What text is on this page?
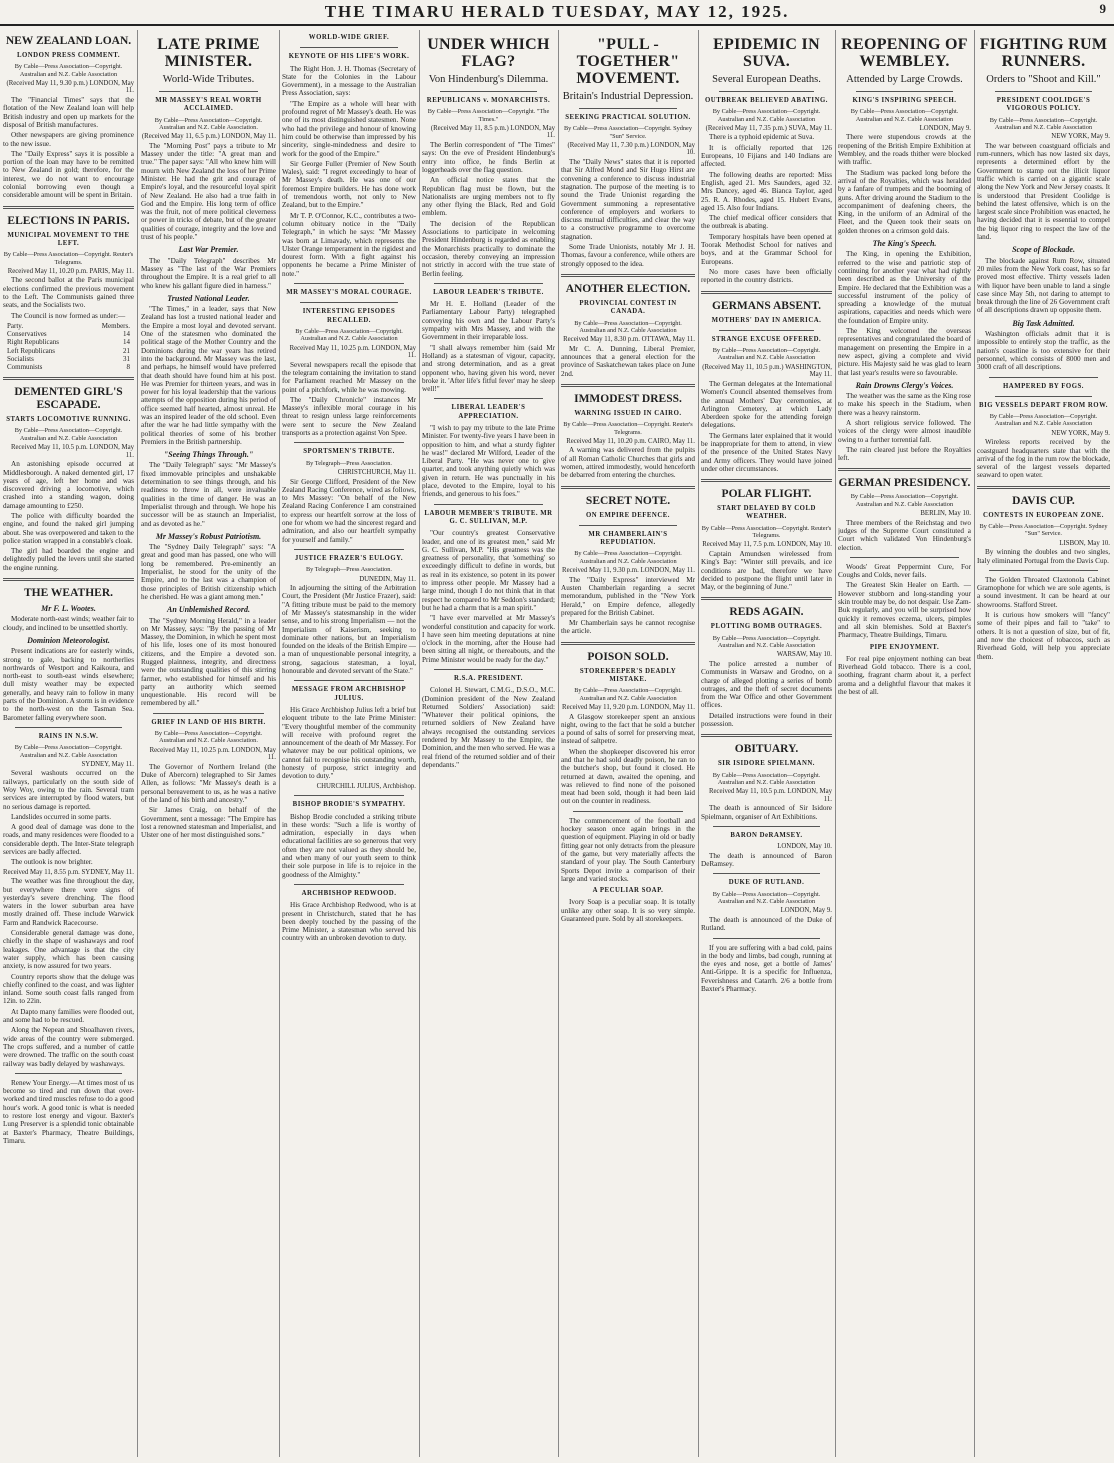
THE TIMARU HERALD TUESDAY, MAY 12, 1925.	9
NEW ZEALAND LOAN.
LONDON PRESS COMMENT.
By Cable—Press Association—Copyright. Australian and N.Z. Cable Association
(Received May 11, 9.30 p.m.) LONDON, May 11.
The "Financial Times" says that the flotation of the New Zealand loan will help British industry and open up markets for the disposal of British manufactures.
Other newspapers are giving prominence to the new issue.
The "Daily Express" says it is possible a portion of the loan may have to be remitted to New Zealand in gold; therefore, for the interest, we do not want to encourage colonial borrowing even though a considerable amount will be spent in Britain.
ELECTIONS IN PARIS.
MUNICIPAL MOVEMENT TO THE LEFT.
By Cable—Press Association—Copyright. Reuter's Telegrams.
Received May 11, 10.20 p.m. PARIS, May 11.
The second ballot at the Paris municipal elections confirmed the previous movement to the Left. The Communists gained three seats, and the Socialists two.
The Council is now formed as under:—
Party.	Members.
Conservatives	14
Right Republicans	14
Left Republicans	21
Socialists	31
Communists	8
DEMENTED GIRL'S ESCAPADE.
STARTS LOCOMOTIVE RUNNING.
By Cable—Press Association—Copyright. Australian and N.Z. Cable Association
Received May 11, 10.5 p.m. LONDON, May 11.
An astonishing episode occurred at Middlesborough. A naked demented girl, 17 years of age, left her home and was discovered driving a locomotive, which crashed into a standing wagon, doing damage amounting to £250.
The police with difficulty boarded the engine, and found the naked girl jumping about. She was overpowered and taken to the police station wrapped in a constable's cloak.
The girl had boarded the engine and delightedly pulled the levers until she started the engine running.
THE WEATHER.
Mr F. L. Wootes.
Moderate north-east winds; weather fair to cloudy, and inclined to be unsettled shortly.
Dominion Meteorologist.
Present indications are for easterly winds, strong to gale, backing to northerlies northwards of Westport and Kaikoura, and north-east to south-east winds elsewhere; dull misty weather may be expected generally, and heavy rain to follow in many parts of the Dominion. A storm is in evidence to the north-west on the Tasman Sea. Barometer falling everywhere soon.
RAINS IN N.S.W.
By Cable—Press Association—Copyright. Australian and N.Z. Cable Association
SYDNEY, May 11.
Several washouts occurred on the railways, particularly on the south side of Woy Woy, owing to the rain. Several tram services are interrupted by flood waters, but no serious damage is reported.
Landslides occurred in some parts.
A good deal of damage was done to the roads, and many residences were flooded to a considerable depth. The Inter-State telegraph services are badly affected.
The outlook is now brighter.
Received May 11, 8.55 p.m. SYDNEY, May 11.
The weather was fine throughout the day, but everywhere there were signs of yesterday's severe drenching. The flood waters in the lower suburban area have mostly drained off. These include Warwick Farm and Randwick Racecourse.
Considerable general damage was done, chiefly in the shape of washaways and roof leakages. One advantage is that the city water supply, which has been causing anxiety, is now assured for two years.
Country reports show that the deluge was chiefly confined to the coast, and was lighter inland. Some south coast falls ranged from 12in. to 22in.
At Dapto many families were flooded out, and some had to be rescued.
Along the Nepean and Shoalhaven rivers, wide areas of the country were submerged. The crops suffered, and a number of cattle were drowned. The traffic on the south coast railway was badly delayed by washaways.
Renew Your Energy.—At times most of us become so tired and run down that over-worked and tired muscles refuse to do a good hour's work. A good tonic is what is needed to restore lost energy and vigour. Baxter's Lung Preserver is a splendid tonic obtainable at Baxter's Pharmacy, Theatre Buildings, Timaru.
LATE PRIME MINISTER.
World-Wide Tributes.
MR MASSEY'S REAL WORTH ACCLAIMED.
By Cable—Press Association—Copyright. Australian and N.Z. Cable Association.
(Received May 11, 6.5 p.m.) LONDON, May 11.
The "Morning Post" pays a tribute to Mr Massey under the title: "A great man and true." The paper says: "All who knew him will mourn with New Zealand the loss of her Prime Minister. He had the grit and courage of Empire's loyal, and the resourceful loyal spirit of New Zealand. He also had a true faith in God and the Empire. His long term of office was the fruit, not of mere political cleverness or power in tricks of debate, but of the greater qualities of courage, integrity and the love and trust of his people."
Last War Premier.
The "Daily Telegraph" describes Mr Massey as "The last of the War Premiers throughout the Empire. It is a real grief to all who knew his gallant figure died in harness."
Trusted National Leader.
"The Times," in a leader, says that New Zealand has lost a trusted national leader and the Empire a most loyal and devoted servant. One of the statesmen who dominated the political stage of the Mother Country and the Dominions during the war years has retired into the background. Mr Massey was the last, and perhaps, he himself would have preferred that death should have found him at his post. He was Premier for thirteen years, and was in power for his loyal leadership that the various attempts of the opposition during his period of office seemed half hearted, almost unreal. He was an inspired leader of the old school. Even after the war he had little sympathy with the political theories of some of his brother Premiers in the British partnership.
"Seeing Things Through."
The "Daily Telegraph" says: "Mr Massey's fixed immovable principles and unshakable determination to see things through, and his readiness to throw in all, were invaluable qualities in the time of danger. He was an Imperialist through and through. We hope his successor will be as staunch an Imperialist, and as devoted as he."
Mr Massey's Robust Patriotism.
The "Sydney Daily Telegraph" says: "A great and good man has passed, one who will long be remembered. Pre-eminently an Imperialist, he stood for the unity of the Empire, and to the last was a champion of those principles of British citizenship which he cherished. He was a giant among men."
An Unblemished Record.
The "Sydney Morning Herald," in a leader on Mr Massey, says: "By the passing of Mr Massey, the Dominion, in which he spent most of his life, loses one of its most honoured citizens, and the Empire a devoted son. Rugged plainness, integrity, and directness were the outstanding qualities of this stirring farmer, who established for himself and his party an authority which seemed unquestionable. His record will be remembered by all."
GRIEF IN LAND OF HIS BIRTH.
By Cable—Press Association—Copyright. Australian and N.Z. Cable Association.
Received May 11, 10.25 p.m. LONDON, May 11.
The Governor of Northern Ireland (the Duke of Abercorn) telegraphed to Sir James Allen, as follows: "Mr Massey's death is a personal bereavement to us, as he was a native of the land of his birth and ancestry."
Sir James Craig, on behalf of the Government, sent a message: "The Empire has lost a renowned statesman and Imperialist, and Ulster one of her most distinguished sons."
WORLD-WIDE GRIEF.
KEYNOTE OF HIS LIFE'S WORK.
The Right Hon. J. H. Thomas (Secretary of State for the Colonies in the Labour Government), in a message to the Australian Press Association, says:
"The Empire as a whole will hear with profound regret of Mr Massey's death. He was one of its most distinguished statesmen. None who had the privilege and honour of knowing him could be otherwise than impressed by his sincerity, single-mindedness and desire to work for the good of the Empire."
Sir George Fuller (Premier of New South Wales), said: "I regret exceedingly to hear of Mr Massey's death. He was one of our foremost Empire builders. He has done work of tremendous worth, not only to New Zealand, but to the Empire."
Mr T. P. O'Connor, K.C., contributes a two-column obituary notice in the "Daily Telegraph," in which he says: "Mr Massey was born at Limavady, which represents the Ulster Orange temperament in the rigidest and dourest form. With a fight against his opponents he became a Prime Minister of note."
MR MASSEY'S MORAL COURAGE.
INTERESTING EPISODES RECALLED.
By Cable—Press Association—Copyright. Australian and N.Z. Cable Association
Received May 11, 10.25 p.m. LONDON, May 11.
Several newspapers recall the episode that the telegram containing the invitation to stand for Parliament reached Mr Massey on the point of a pitchfork, while he was mowing.
The "Daily Chronicle" instances Mr Massey's inflexible moral courage in his threat to resign unless large reinforcements were sent to secure the New Zealand transports as a protection against Von Spee.
SPORTSMEN'S TRIBUTE.
By Telegraph—Press Association.
CHRISTCHURCH, May 11.
Sir George Clifford, President of the New Zealand Racing Conference, wired as follows, to Mrs Massey: "On behalf of the New Zealand Racing Conference I am constrained to express our heartfelt sorrow at the loss of one for whom we had the sincerest regard and admiration, and also our heartfelt sympathy for yourself and family."
JUSTICE FRAZER'S EULOGY.
By Telegraph—Press Association.
DUNEDIN, May 11.
In adjourning the sitting of the Arbitration Court, the President (Mr Justice Frazer), said: "A fitting tribute must be paid to the memory of Mr Massey's statesmanship in the wider sense, and to his strong Imperialism — not the Imperialism of Kaiserism, seeking to dominate other nations, but an Imperialism founded on the ideals of the British Empire — a man of unquestionable personal integrity, a strong, sagacious statesman, a loyal, honourable and devoted servant of the State."
MESSAGE FROM ARCHBISHOP JULIUS.
His Grace Archbishop Julius left a brief but eloquent tribute to the late Prime Minister: "Every thoughtful member of the community will receive with profound regret the announcement of the death of Mr Massey. For whatever may be our political opinions, we cannot fail to recognise his outstanding worth, honesty of purpose, strict integrity and devotion to duty."
CHURCHILL JULIUS, Archbishop.
BISHOP BRODIE'S SYMPATHY.
Bishop Brodie concluded a striking tribute in these words: "Such a life is worthy of admiration, especially in days when educational facilities are so generous that very often they are not valued as they should be, and when many of our youth seem to think their sole purpose in life is to rejoice in the goodness of the Almighty."
ARCHBISHOP REDWOOD.
His Grace Archbishop Redwood, who is at present in Christchurch, stated that he has been deeply touched by the passing of the Prime Minister, a statesman who served his country with an unbroken devotion to duty.
UNDER WHICH FLAG?
Von Hindenburg's Dilemma.
REPUBLICANS v. MONARCHISTS.
By Cable—Press Association—Copyright. "The Times."
(Received May 11, 8.5 p.m.) LONDON, May 11.
The Berlin correspondent of "The Times" says: On the eve of President Hindenburg's entry into office, he finds Berlin at loggerheads over the flag question.
An official notice states that the Republican flag must be flown, but the Nationalists are urging members not to fly any other flying the Black, Red and Gold emblem.
The decision of the Republican Associations to participate in welcoming President Hindenburg is regarded as enabling the Monarchists practically to dominate the occasion, thereby conveying an impression not strictly in accord with the true state of Berlin feeling.
LABOUR LEADER'S TRIBUTE.
Mr H. E. Holland (Leader of the Parliamentary Labour Party) telegraphed conveying his own and the Labour Party's sympathy with Mrs Massey, and with the Government in their irreparable loss.
"I shall always remember him (said Mr Holland) as a statesman of vigour, capacity, and strong determination, and as a great opponent who, having given his word, never broke it. 'After life's fitful fever' may he sleep well!"
LIBERAL LEADER'S APPRECIATION.
"I wish to pay my tribute to the late Prime Minister. For twenty-five years I have been in opposition to him, and what a sturdy fighter he was!" declared Mr Wilford, Leader of the Liberal Party. "He was never one to give quarter, and took anything quietly which was given in return. He was punctually in his place, devoted to the Empire, loyal to his friends, and generous to his foes."
LABOUR MEMBER'S TRIBUTE. MR G. C. SULLIVAN, M.P.
"Our country's greatest Conservative leader, and one of its greatest men," said Mr G. C. Sullivan, M.P. "His greatness was the greatness of personality, that 'something' so exceedingly difficult to define in words, but as real in its existence, so potent in its power to impress other people. Mr Massey had a large mind, though I do not think that in that respect he compared to Mr Seddon's standard; but he had a charm that is a man spirit."
"I have ever marvelled at Mr Massey's wonderful constitution and capacity for work. I have seen him meeting deputations at nine o'clock in the morning, after the House had been sitting all night, or thereabouts, and the Prime Minister would be ready for the day."
R.S.A. PRESIDENT.
Colonel H. Stewart, C.M.G., D.S.O., M.C. (Dominion president of the New Zealand Returned Soldiers' Association) said: "Whatever their political opinions, the returned soldiers of New Zealand have always recognised the outstanding services rendered by Mr Massey to the Empire, the Dominion, and the men who served. He was a real friend of the returned soldier and of their dependants."
"PULL - TOGETHER" MOVEMENT.
Britain's Industrial Depression.
SEEKING PRACTICAL SOLUTION.
By Cable—Press Association—Copyright. Sydney "Sun" Service.
(Received May 11, 7.30 p.m.) LONDON, May 10.
The "Daily News" states that it is reported that Sir Alfred Mond and Sir Hugo Hirst are convening a conference to discuss industrial stagnation. The purpose of the meeting is to sound the Trade Unionist regarding the Government summoning a representative conference of employers and workers to discuss mutual difficulties, and clear the way to a constructive programme to overcome stagnation.
Some Trade Unionists, notably Mr J. H. Thomas, favour a conference, while others are strongly opposed to the idea.
ANOTHER ELECTION.
PROVINCIAL CONTEST IN CANADA.
By Cable—Press Association—Copyright. Australian and N.Z. Cable Association
Received May 11, 8.30 p.m. OTTAWA, May 11.
Mr C. A. Dunning, Liberal Premier, announces that a general election for the province of Saskatchewan takes place on June 2nd.
IMMODEST DRESS.
WARNING ISSUED IN CAIRO.
By Cable—Press Association—Copyright. Reuter's Telegrams.
Received May 11, 10.20 p.m. CAIRO, May 11.
A warning was delivered from the pulpits of all Roman Catholic Churches that girls and women, attired immodestly, would henceforth be debarred from entering the churches.
SECRET NOTE.
ON EMPIRE DEFENCE.
MR CHAMBERLAIN'S REPUDIATION.
By Cable—Press Association—Copyright. Australian and N.Z. Cable Association
Received May 11, 9.30 p.m. LONDON, May 11.
The "Daily Express" interviewed Mr Austen Chamberlain regarding a secret memorandum, published in the "New York Herald," on Empire defence, allegedly prepared for the British Cabinet.
Mr Chamberlain says he cannot recognise the article.
POISON SOLD.
STOREKEEPER'S DEADLY MISTAKE.
By Cable—Press Association—Copyright. Australian and N.Z. Cable Association
Received May 11, 9.20 p.m. LONDON, May 11.
A Glasgow storekeeper spent an anxious night, owing to the fact that he sold a butcher a pound of salts of sorrel for preserving meat, instead of saltpetre.
When the shopkeeper discovered his error and that he had sold deadly poison, he ran to the butcher's shop, but found it closed. He returned at dawn, awaited the opening, and was relieved to find none of the poisoned meat had been sold, though it had been laid out on the counter in readiness.
The commencement of the football and hockey season once again brings in the question of equipment. Playing in old or badly fitting gear not only detracts from the pleasure of the game, but very materially affects the standard of your play. The South Canterbury Sports Depot invite a comparison of their large and varied stocks.
A PECULIAR SOAP.
Ivory Soap is a peculiar soap. It is totally unlike any other soap. It is so very simple. Guaranteed pure. Sold by all storekeepers.
EPIDEMIC IN SUVA.
Several European Deaths.
OUTBREAK BELIEVED ABATING.
By Cable—Press Association—Copyright. Australian and N.Z. Cable Association
(Received May 11, 7.35 p.m.) SUVA, May 11.
There is a typhoid epidemic at Suva.
It is officially reported that 126 Europeans, 10 Fijians and 140 Indians are affected.
The following deaths are reported: Miss English, aged 21. Mrs Saunders, aged 32. Mrs Dancey, aged 46. Bianca Taylor, aged 25. R. A. Rhodes, aged 15. Hubert Evans, aged 15. Also four Indians.
The chief medical officer considers that the outbreak is abating.
Temporary hospitals have been opened at Toorak Methodist School for natives and boys, and at the Grammar School for Europeans.
No more cases have been officially reported in the country districts.
GERMANS ABSENT.
MOTHERS' DAY IN AMERICA.
STRANGE EXCUSE OFFERED.
By Cable—Press Association—Copyright. Australian and N.Z. Cable Association
(Received May 11, 10.5 p.m.) WASHINGTON, May 11.
The German delegates at the International Women's Council absented themselves from the annual Mothers' Day ceremonies, at Arlington Cemetery, at which Lady Aberdeen spoke for the attending foreign delegations.
The Germans later explained that it would be inappropriate for them to attend, in view of the presence of the United States Navy and Army officers. They would have joined under other circumstances.
POLAR FLIGHT.
START DELAYED BY COLD WEATHER.
By Cable—Press Association—Copyright. Reuter's Telegrams.
Received May 11, 7.5 p.m. LONDON, May 10.
Captain Amundsen wirelessed from King's Bay: "Winter still prevails, and ice conditions are bad, therefore we have decided to postpone the flight until later in May, or the beginning of June."
REDS AGAIN.
PLOTTING BOMB OUTRAGES.
By Cable—Press Association—Copyright. Australian and N.Z. Cable Association
WARSAW, May 10.
The police arrested a number of Communists in Warsaw and Grodno, on a charge of alleged plotting a series of bomb outrages, and the theft of secret documents from the War Office and other Government offices.
Detailed instructions were found in their possession.
OBITUARY.
SIR ISIDORE SPIELMANN.
By Cable—Press Association—Copyright. Australian and N.Z. Cable Association
Received May 11, 10.5 p.m. LONDON, May 11.
The death is announced of Sir Isidore Spielmann, organiser of Art Exhibitions.
BARON DeRAMSEY.
LONDON, May 10.
The death is announced of Baron DeRamsey.
DUKE OF RUTLAND.
By Cable—Press Association—Copyright. Australian and N.Z. Cable Association
LONDON, May 9.
The death is announced of the Duke of Rutland.
If you are suffering with a bad cold, pains in the body and limbs, bad cough, running at the eyes and nose, get a bottle of James' Anti-Grippe. It is a specific for Influenza, Feverishness and Catarrh. 2/6 a bottle from Baxter's Pharmacy.
REOPENING OF WEMBLEY.
Attended by Large Crowds.
KING'S INSPIRING SPEECH.
By Cable—Press Association—Copyright. Australian and N.Z. Cable Association
LONDON, May 9.
There were stupendous crowds at the reopening of the British Empire Exhibition at Wembley, and the roads thither were blocked with traffic.
The Stadium was packed long before the arrival of the Royalties, which was heralded by a fanfare of trumpets and the booming of guns. After driving around the Stadium to the accompaniment of deafening cheers, the King, in the uniform of an Admiral of the Fleet, and the Queen took their seats on golden thrones on a crimson gold dais.
The King's Speech.
The King, in opening the Exhibition, referred to the wise and patriotic step of continuing for another year what had rightly been described as the University of the Empire. He declared that the Exhibition was a successful instrument of the policy of spreading a knowledge of the mutual aspirations, capacities and needs which were the foundation of Empire unity.
The King welcomed the overseas representatives and congratulated the board of management on presenting the Empire in a new aspect, giving a complete and vivid picture. His Majesty said he was glad to learn that last year's results were so favourable.
Rain Drowns Clergy's Voices.
The weather was the same as the King rose to make his speech in the Stadium, when there was a heavy rainstorm.
A short religious service followed. The voices of the clergy were almost inaudible owing to a further torrential fall.
The rain cleared just before the Royalties left.
GERMAN PRESIDENCY.
By Cable—Press Association—Copyright. Australian and N.Z. Cable Association
BERLIN, May 10.
Three members of the Reichstag and two judges of the Supreme Court constituted a Court which validated Von Hindenburg's election.
Woods' Great Peppermint Cure, For Coughs and Colds, never fails.
The Greatest Skin Healer on Earth. —However stubborn and long-standing your skin trouble may be, do not despair. Use Zam-Buk regularly, and you will be surprised how quickly it removes eczema, ulcers, pimples and all skin blemishes. Sold at Baxter's Pharmacy, Theatre Buildings, Timaru.
PIPE ENJOYMENT.
For real pipe enjoyment nothing can beat Riverhead Gold tobacco. There is a cool, soothing, fragrant charm about it, a perfect aroma and a delightful flavour that makes it the best of all.
FIGHTING RUM RUNNERS.
Orders to "Shoot and Kill."
PRESIDENT COOLIDGE'S VIGOROUS POLICY.
By Cable—Press Association—Copyright. Australian and N.Z. Cable Association
NEW YORK, May 9.
The war between coastguard officials and rum-runners, which has now lasted six days, represents a determined effort by the Government to stamp out the illicit liquor traffic which is carried on a gigantic scale along the New York and New Jersey coasts. It is understood that President Coolidge is behind the latest offensive, which is on the largest scale since Prohibition was enacted, he having decided that it is essential to compel the big liquor ring to respect the law of the land.
Scope of Blockade.
The blockade against Rum Row, situated 20 miles from the New York coast, has so far proved most effective. Thirty vessels laden with liquor have been unable to land a single case since May 5th, not daring to attempt to break through the line of 26 Government craft of all descriptions drawn up opposite them.
Big Task Admitted.
Washington officials admit that it is impossible to entirely stop the traffic, as the nation's coastline is too extensive for their personnel, which consists of 8000 men and 3000 craft of all descriptions.
HAMPERED BY FOGS.
BIG VESSELS DEPART FROM ROW.
By Cable—Press Association—Copyright. Australian and N.Z. Cable Association
NEW YORK, May 9.
Wireless reports received by the coastguard headquarters state that with the arrival of the fog in the rum row the blockade, several of the largest vessels departed seaward to open water.
DAVIS CUP.
CONTESTS IN EUROPEAN ZONE.
By Cable—Press Association—Copyright. Sydney "Sun" Service.
LISBON, May 10.
By winning the doubles and two singles, Italy eliminated Portugal from the Davis Cup.
The Golden Throated Claxtonola Cabinet Gramophone for which we are sole agents, is a sound investment. It can be heard at our showrooms. Stafford Street.
It is curious how smokers will "fancy" some of their pipes and fail to "take" to others. It is not a question of size, but of fit, and now the choicest of tobaccos, such as Riverhead Gold, will help you appreciate them.
